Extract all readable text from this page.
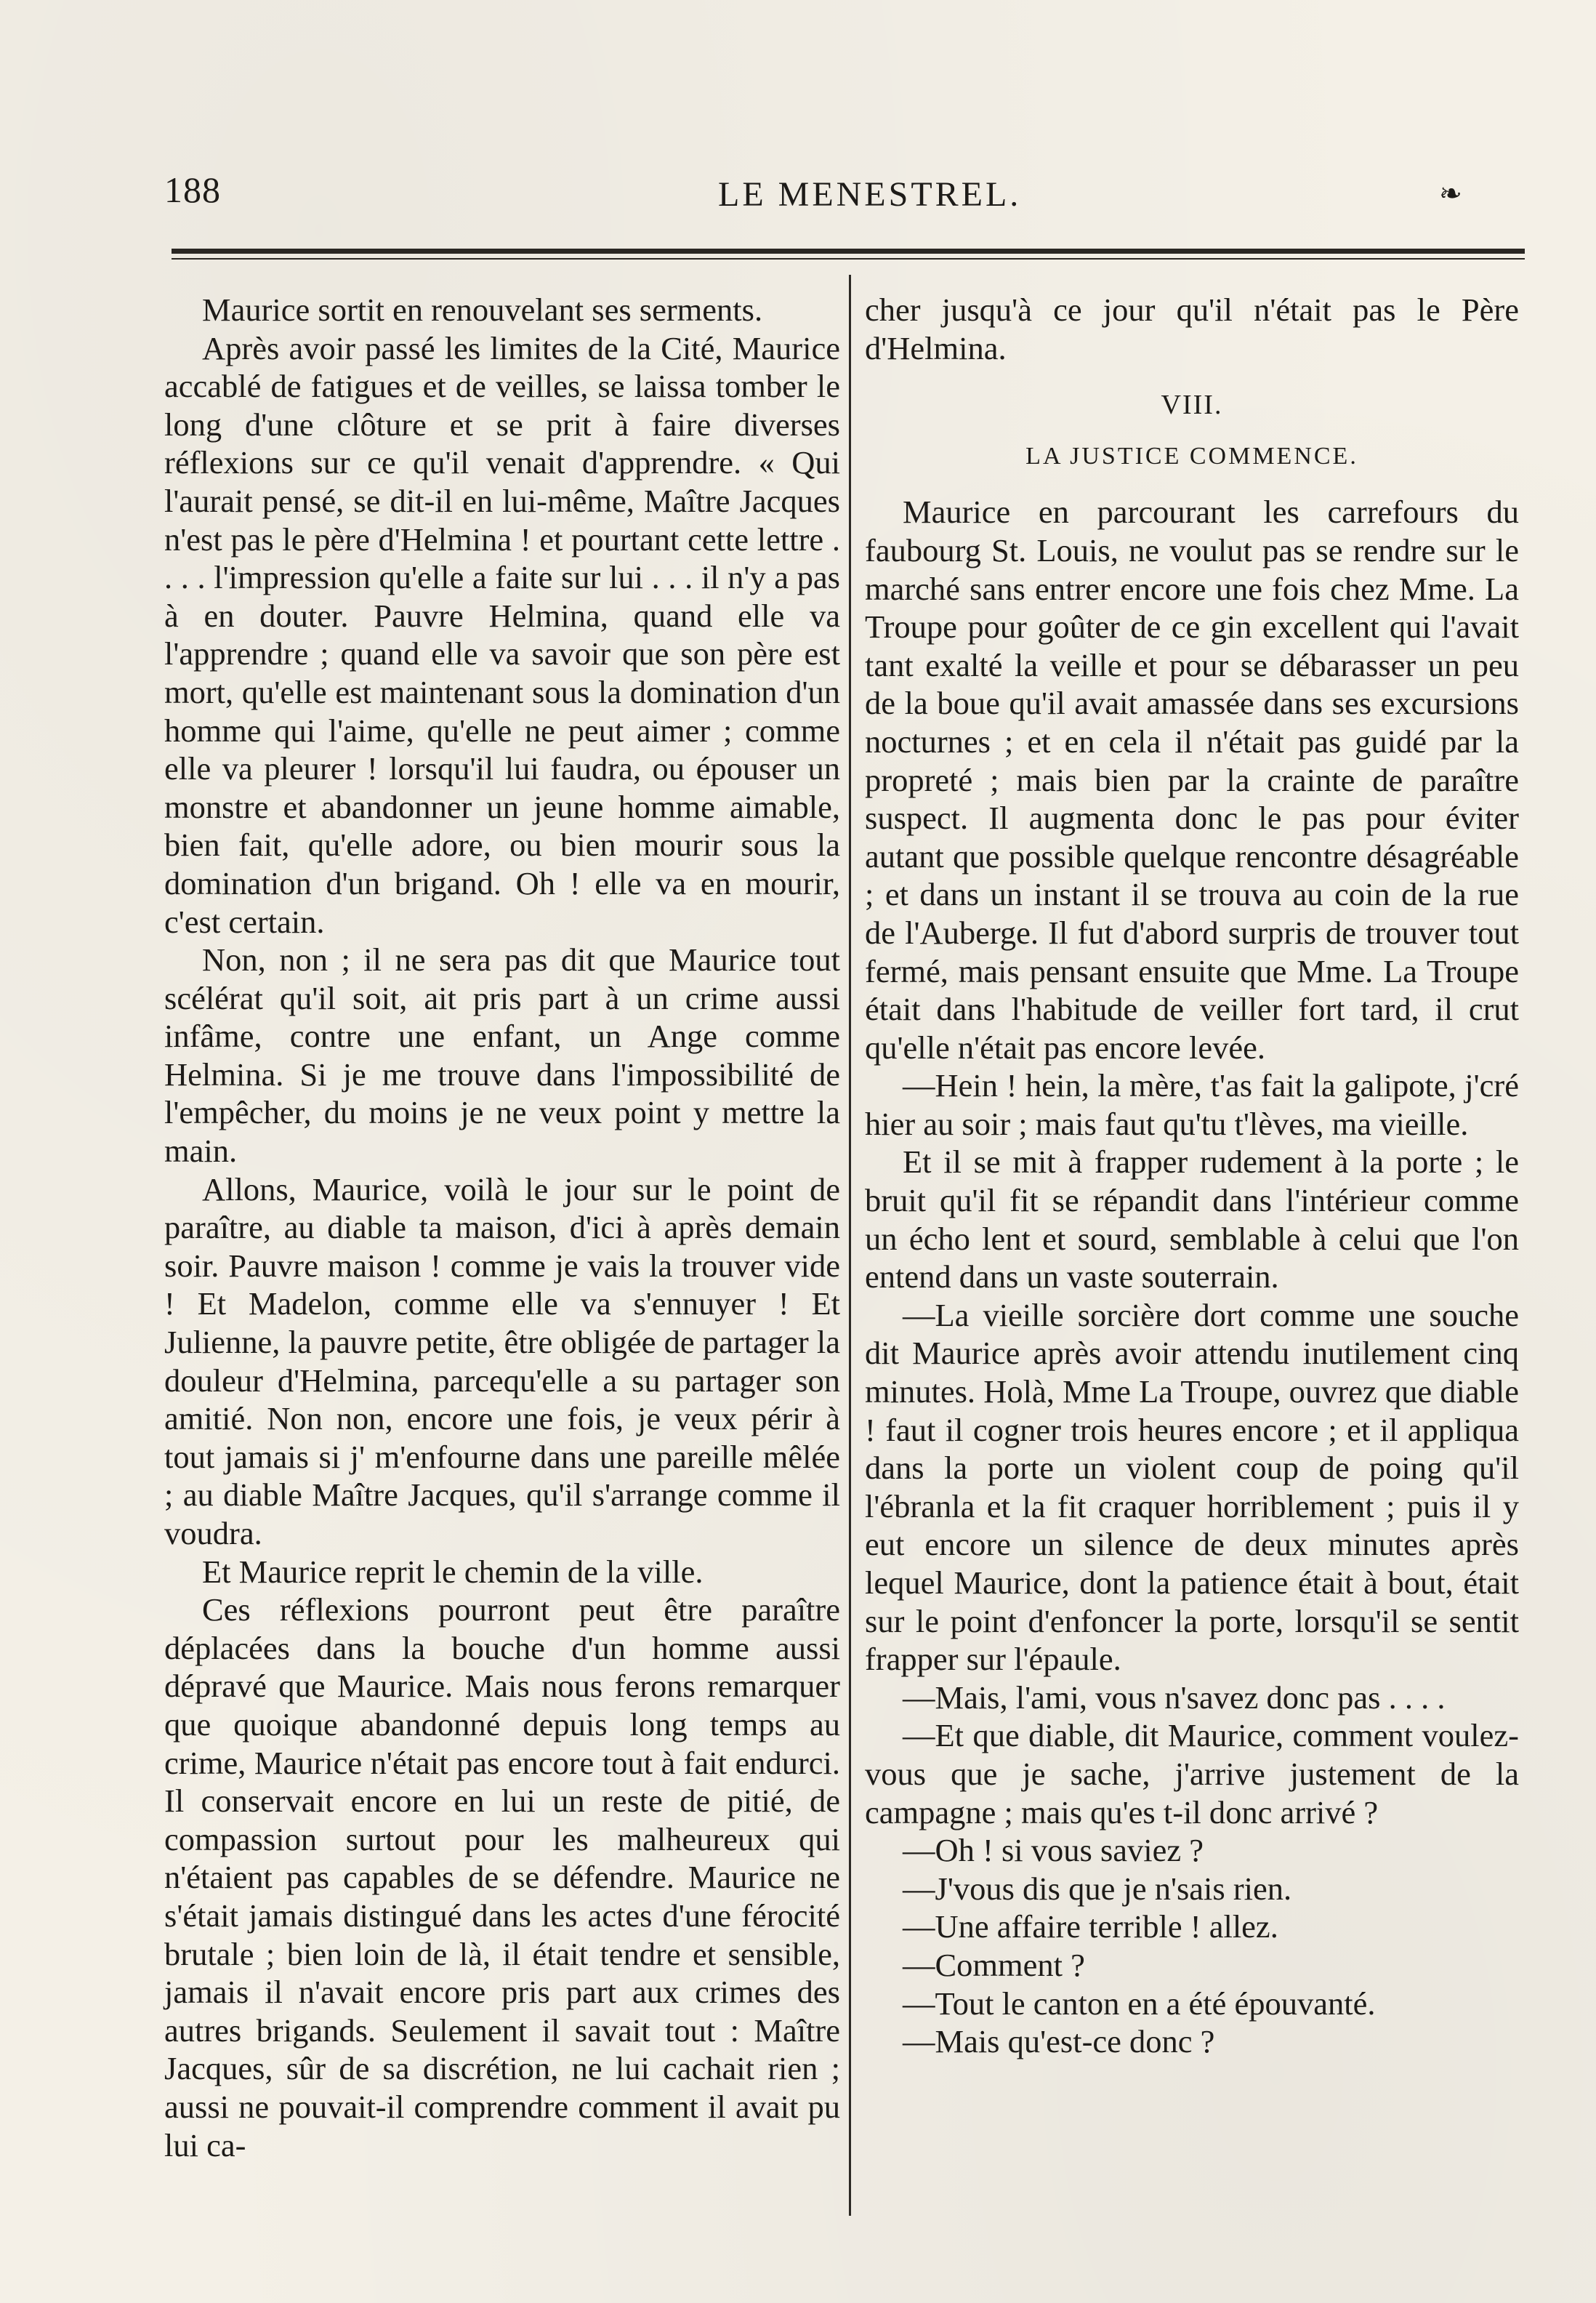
188	LE MENESTREL.	❧

Maurice sortit en renouvelant ses serments.

Après avoir passé les limites de la Cité, Maurice accablé de fatigues et de veilles, se laissa tomber le long d'une clôture et se prit à faire diverses réflexions sur ce qu'il venait d'apprendre. « Qui l'aurait pensé, se dit-il en lui-même, Maître Jacques n'est pas le père d'Helmina ! et pourtant cette lettre . . . . l'impression qu'elle a faite sur lui . . . il n'y a pas à en douter. Pauvre Helmina, quand elle va l'apprendre ; quand elle va savoir que son père est mort, qu'elle est maintenant sous la domination d'un homme qui l'aime, qu'elle ne peut aimer ; comme elle va pleurer ! lorsqu'il lui faudra, ou épouser un monstre et abandonner un jeune homme aimable, bien fait, qu'elle adore, ou bien mourir sous la domination d'un brigand. Oh ! elle va en mourir, c'est certain.

Non, non ; il ne sera pas dit que Maurice tout scélérat qu'il soit, ait pris part à un crime aussi infâme, contre une enfant, un Ange comme Helmina. Si je me trouve dans l'impossibilité de l'empêcher, du moins je ne veux point y mettre la main.

Allons, Maurice, voilà le jour sur le point de paraître, au diable ta maison, d'ici à après demain soir. Pauvre maison ! comme je vais la trouver vide ! Et Madelon, comme elle va s'ennuyer ! Et Julienne, la pauvre petite, être obligée de partager la douleur d'Helmina, parcequ'elle a su partager son amitié. Non non, encore une fois, je veux périr à tout jamais si j' m'enfourne dans une pareille mêlée ; au diable Maître Jacques, qu'il s'arrange comme il voudra.

Et Maurice reprit le chemin de la ville.

Ces réflexions pourront peut être paraître déplacées dans la bouche d'un homme aussi dépravé que Maurice. Mais nous ferons remarquer que quoique abandonné depuis long temps au crime, Maurice n'était pas encore tout à fait endurci. Il conservait encore en lui un reste de pitié, de compassion surtout pour les malheureux qui n'étaient pas capables de se défendre. Maurice ne s'était jamais distingué dans les actes d'une férocité brutale ; bien loin de là, il était tendre et sensible, jamais il n'avait encore pris part aux crimes des autres brigands. Seulement il savait tout : Maître Jacques, sûr de sa discrétion, ne lui cachait rien ; aussi ne pouvait-il comprendre comment il avait pu lui ca-

cher jusqu'à ce jour qu'il n'était pas le Père d'Helmina.

VIII.
LA JUSTICE COMMENCE.

Maurice en parcourant les carrefours du faubourg St. Louis, ne voulut pas se rendre sur le marché sans entrer encore une fois chez Mme. La Troupe pour goûter de ce gin excellent qui l'avait tant exalté la veille et pour se débarasser un peu de la boue qu'il avait amassée dans ses excursions nocturnes ; et en cela il n'était pas guidé par la propreté ; mais bien par la crainte de paraître suspect. Il augmenta donc le pas pour éviter autant que possible quelque rencontre désagréable ; et dans un instant il se trouva au coin de la rue de l'Auberge. Il fut d'abord surpris de trouver tout fermé, mais pensant ensuite que Mme. La Troupe était dans l'habitude de veiller fort tard, il crut qu'elle n'était pas encore levée.

—Hein ! hein, la mère, t'as fait la galipote, j'cré hier au soir ; mais faut qu'tu t'lèves, ma vieille.

Et il se mit à frapper rudement à la porte ; le bruit qu'il fit se répandit dans l'intérieur comme un écho lent et sourd, semblable à celui que l'on entend dans un vaste souterrain.

—La vieille sorcière dort comme une souche dit Maurice après avoir attendu inutilement cinq minutes. Holà, Mme La Troupe, ouvrez que diable ! faut il cogner trois heures encore ; et il appliqua dans la porte un violent coup de poing qu'il l'ébranla et la fit craquer horriblement ; puis il y eut encore un silence de deux minutes après lequel Maurice, dont la patience était à bout, était sur le point d'enfoncer la porte, lorsqu'il se sentit frapper sur l'épaule.

—Mais, l'ami, vous n'savez donc pas . . . .

—Et que diable, dit Maurice, comment voulez-vous que je sache, j'arrive justement de la campagne ; mais qu'es t-il donc arrivé ?

—Oh ! si vous saviez ?

—J'vous dis que je n'sais rien.

—Une affaire terrible ! allez.

—Comment ?

—Tout le canton en a été épouvanté.

—Mais qu'est-ce donc ?
